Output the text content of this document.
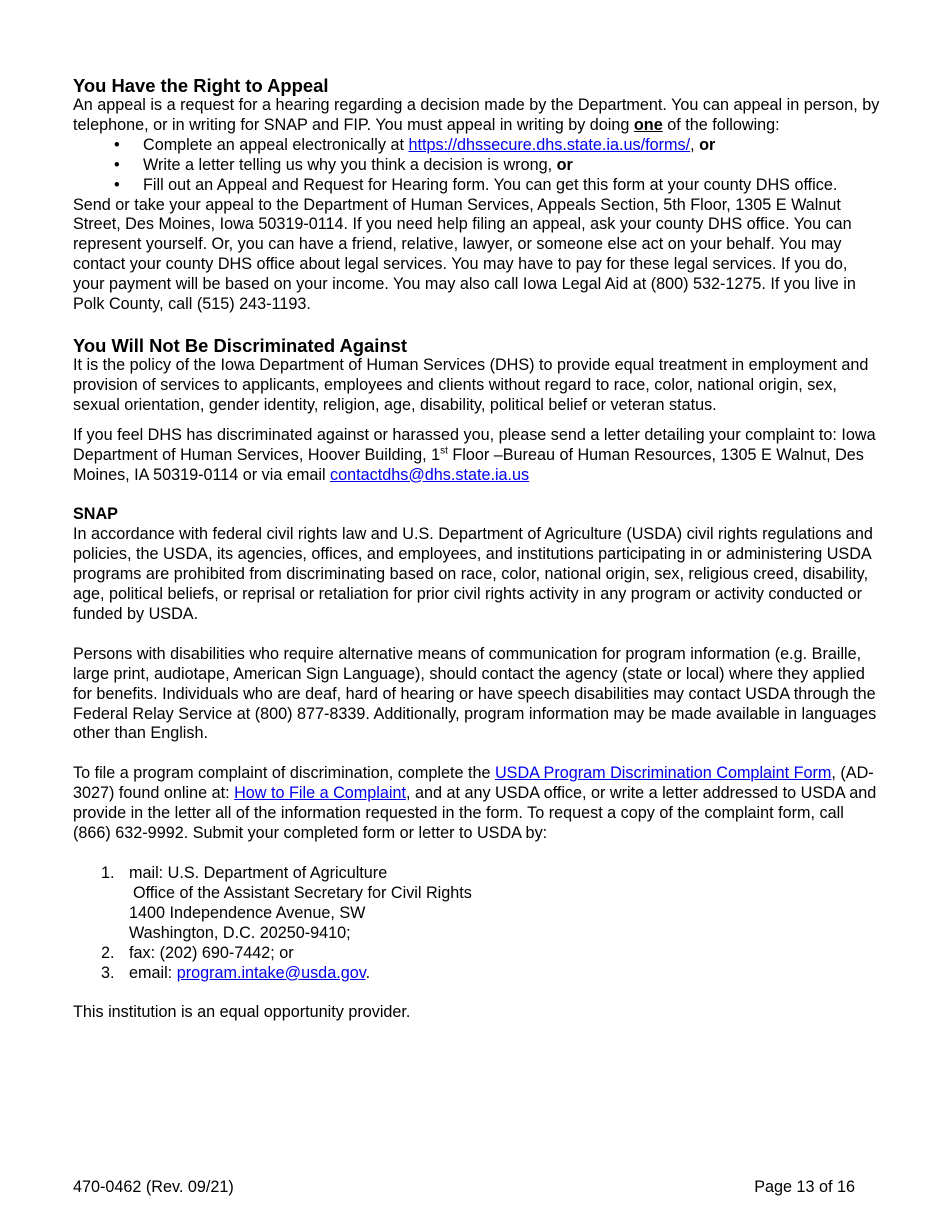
You Have the Right to Appeal

An appeal is a request for a hearing regarding a decision made by the Department. You can appeal in person, by telephone, or in writing for SNAP and FIP. You must appeal in writing by doing one of the following:

• Complete an appeal electronically at https://dhssecure.dhs.state.ia.us/forms/, or
• Write a letter telling us why you think a decision is wrong, or
• Fill out an Appeal and Request for Hearing form. You can get this form at your county DHS office.

Send or take your appeal to the Department of Human Services, Appeals Section, 5th Floor, 1305 E Walnut Street, Des Moines, Iowa 50319-0114. If you need help filing an appeal, ask your county DHS office. You can represent yourself. Or, you can have a friend, relative, lawyer, or someone else act on your behalf. You may contact your county DHS office about legal services. You may have to pay for these legal services. If you do, your payment will be based on your income. You may also call Iowa Legal Aid at (800) 532-1275. If you live in Polk County, call (515) 243-1193.

You Will Not Be Discriminated Against

It is the policy of the Iowa Department of Human Services (DHS) to provide equal treatment in employment and provision of services to applicants, employees and clients without regard to race, color, national origin, sex, sexual orientation, gender identity, religion, age, disability, political belief or veteran status.

If you feel DHS has discriminated against or harassed you, please send a letter detailing your complaint to: Iowa Department of Human Services, Hoover Building, 1st Floor –Bureau of Human Resources, 1305 E Walnut, Des Moines, IA 50319-0114 or via email contactdhs@dhs.state.ia.us

SNAP

In accordance with federal civil rights law and U.S. Department of Agriculture (USDA) civil rights regulations and policies, the USDA, its agencies, offices, and employees, and institutions participating in or administering USDA programs are prohibited from discriminating based on race, color, national origin, sex, religious creed, disability, age, political beliefs, or reprisal or retaliation for prior civil rights activity in any program or activity conducted or funded by USDA.

Persons with disabilities who require alternative means of communication for program information (e.g. Braille, large print, audiotape, American Sign Language), should contact the agency (state or local) where they applied for benefits. Individuals who are deaf, hard of hearing or have speech disabilities may contact USDA through the Federal Relay Service at (800) 877-8339. Additionally, program information may be made available in languages other than English.

To file a program complaint of discrimination, complete the USDA Program Discrimination Complaint Form, (AD-3027) found online at: How to File a Complaint, and at any USDA office, or write a letter addressed to USDA and provide in the letter all of the information requested in the form. To request a copy of the complaint form, call (866) 632-9992. Submit your completed form or letter to USDA by:

1. mail: U.S. Department of Agriculture
Office of the Assistant Secretary for Civil Rights
1400 Independence Avenue, SW
Washington, D.C. 20250-9410;
2. fax: (202) 690-7442; or
3. email: program.intake@usda.gov.

This institution is an equal opportunity provider.

470-0462 (Rev. 09/21)	Page 13 of 16
